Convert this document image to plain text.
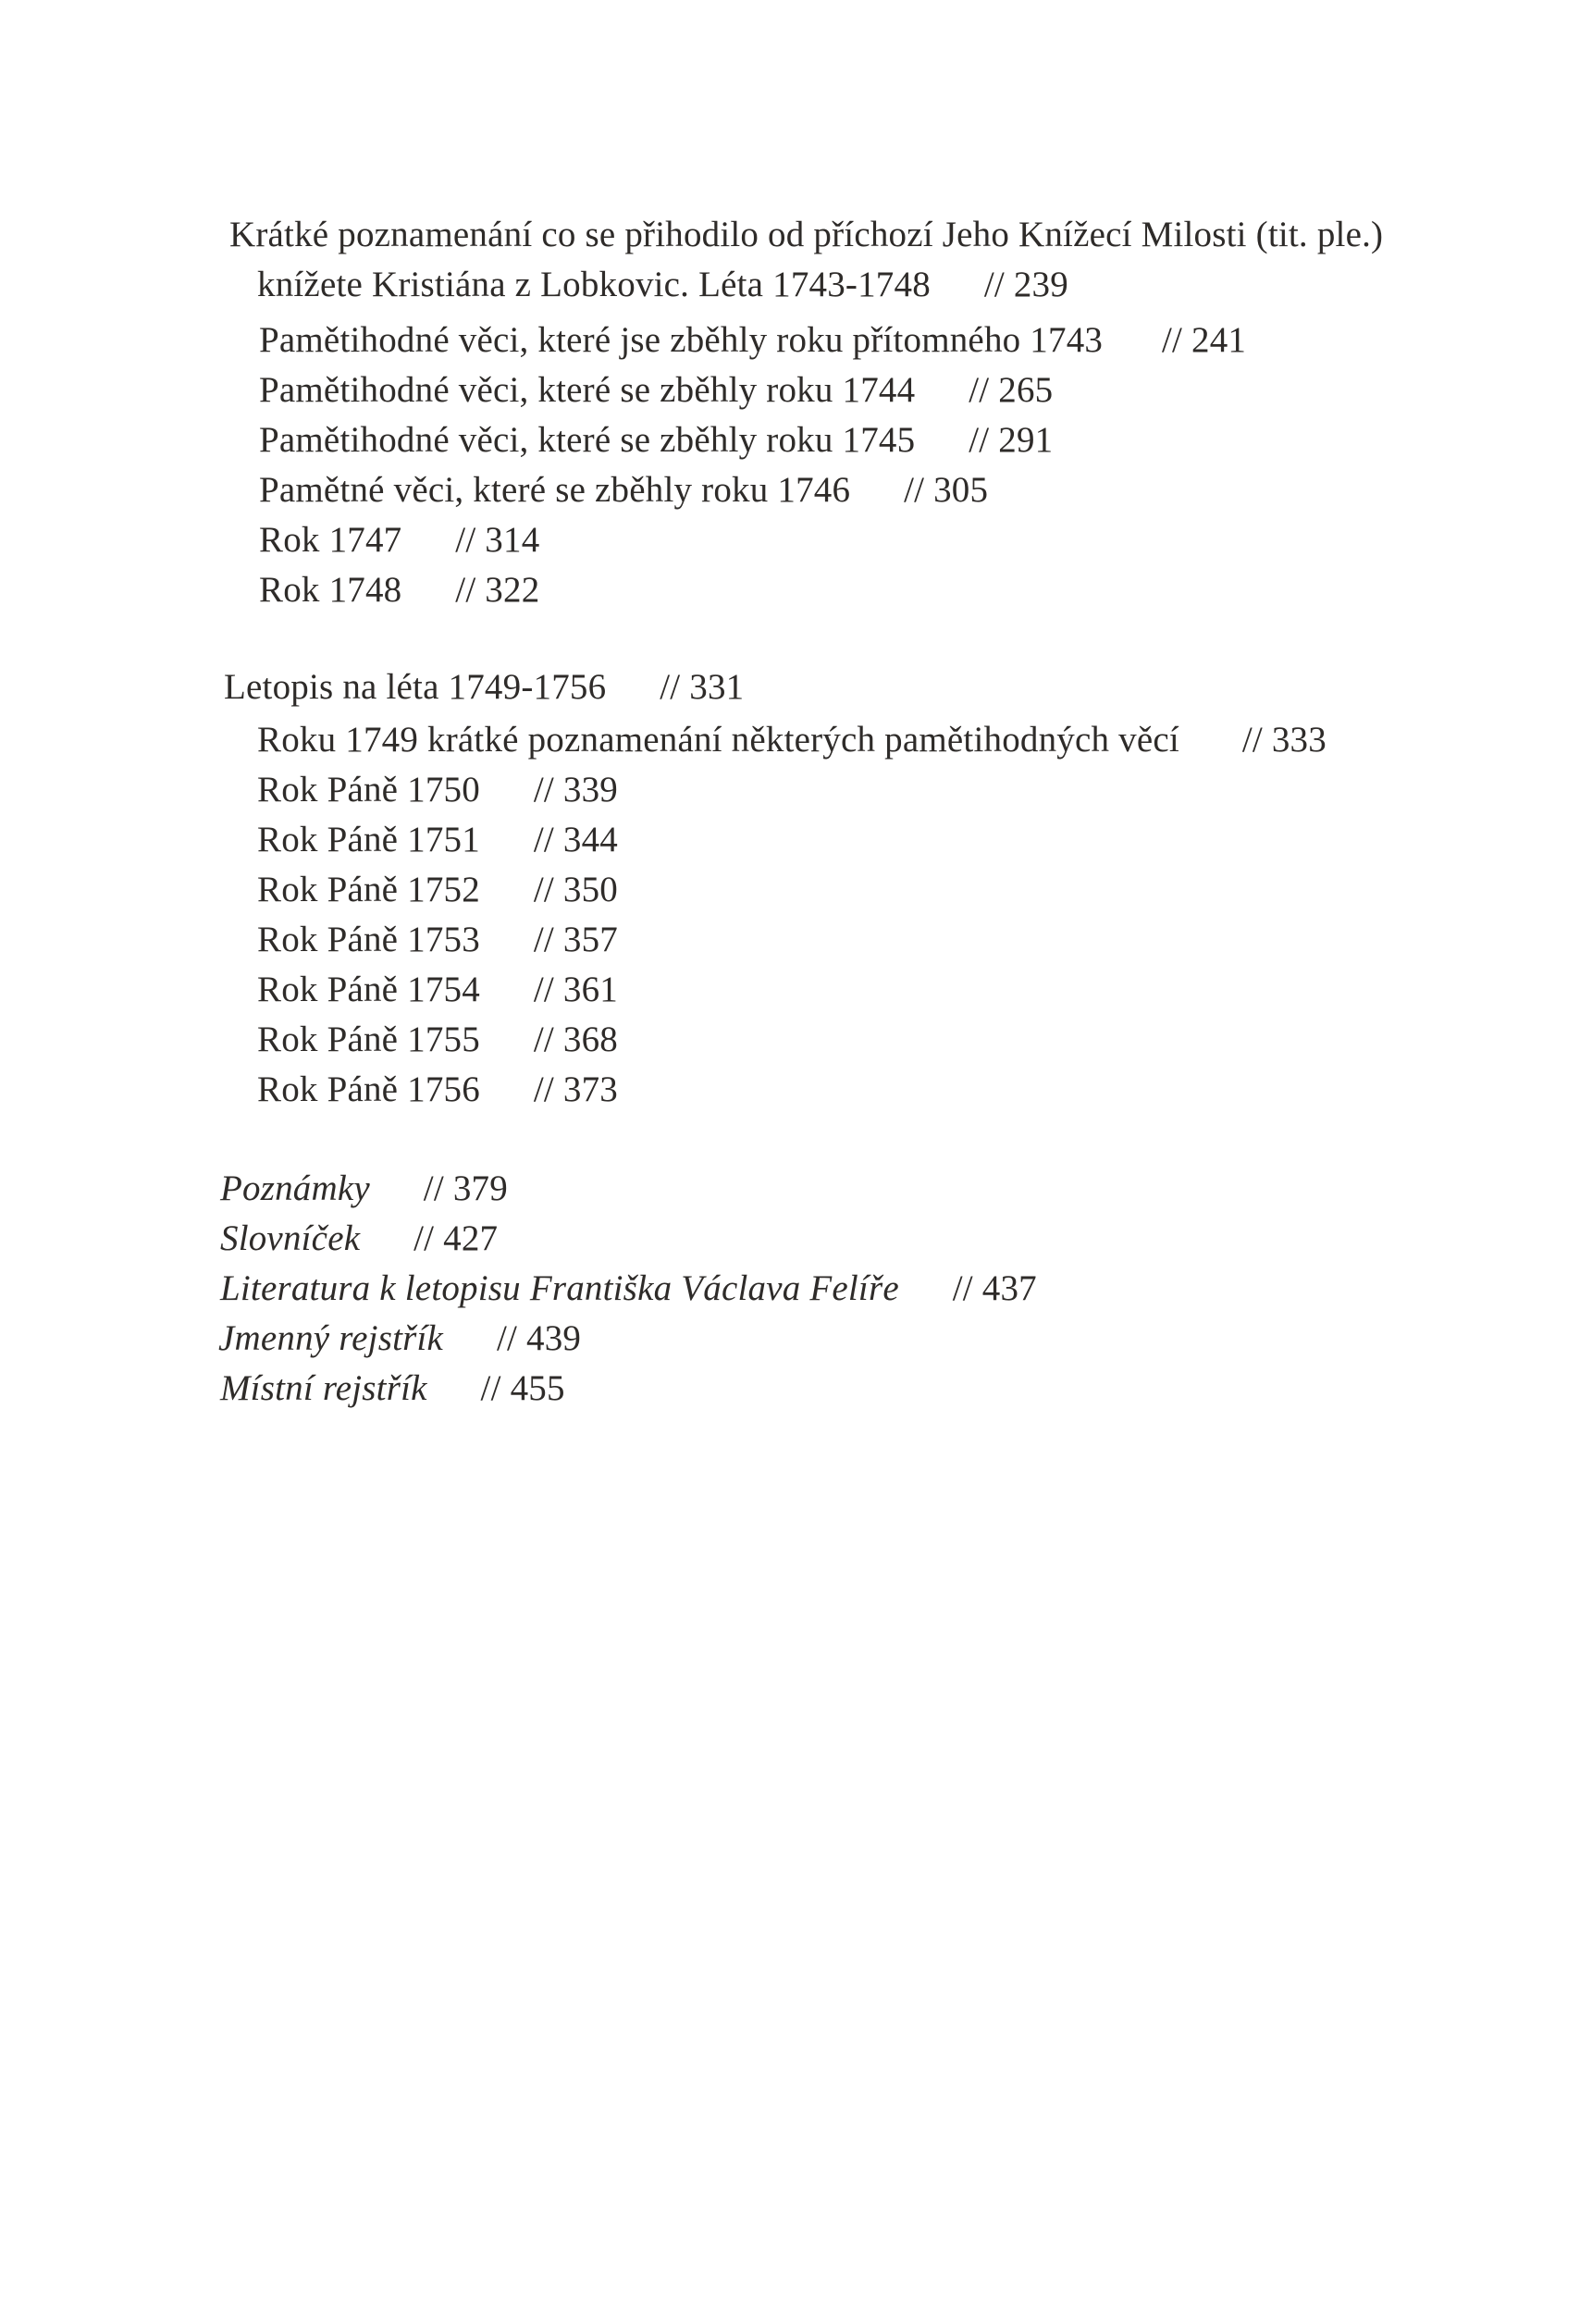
Krátké poznamenání co se přihodilo od příchozí Jeho Knížecí Milosti (tit. ple.)
knížete Kristiána z Lobkovic. Léta 1743-1748 // 239
Pamětihodné věci, které jse zběhly roku přítomného 1743 // 241
Pamětihodné věci, které se zběhly roku 1744 // 265
Pamětihodné věci, které se zběhly roku 1745 // 291
Pamětné věci, které se zběhly roku 1746 // 305
Rok 1747 // 314
Rok 1748 // 322
Letopis na léta 1749-1756 // 331
Roku 1749 krátké poznamenání některých pamětihodných věcí // 333
Rok Páně 1750 // 339
Rok Páně 1751 // 344
Rok Páně 1752 // 350
Rok Páně 1753 // 357
Rok Páně 1754 // 361
Rok Páně 1755 // 368
Rok Páně 1756 // 373
Poznámky // 379
Slovníček // 427
Literatura k letopisu Františka Václava Felíře // 437
Jmenný rejstřík // 439
Místní rejstřík // 455
